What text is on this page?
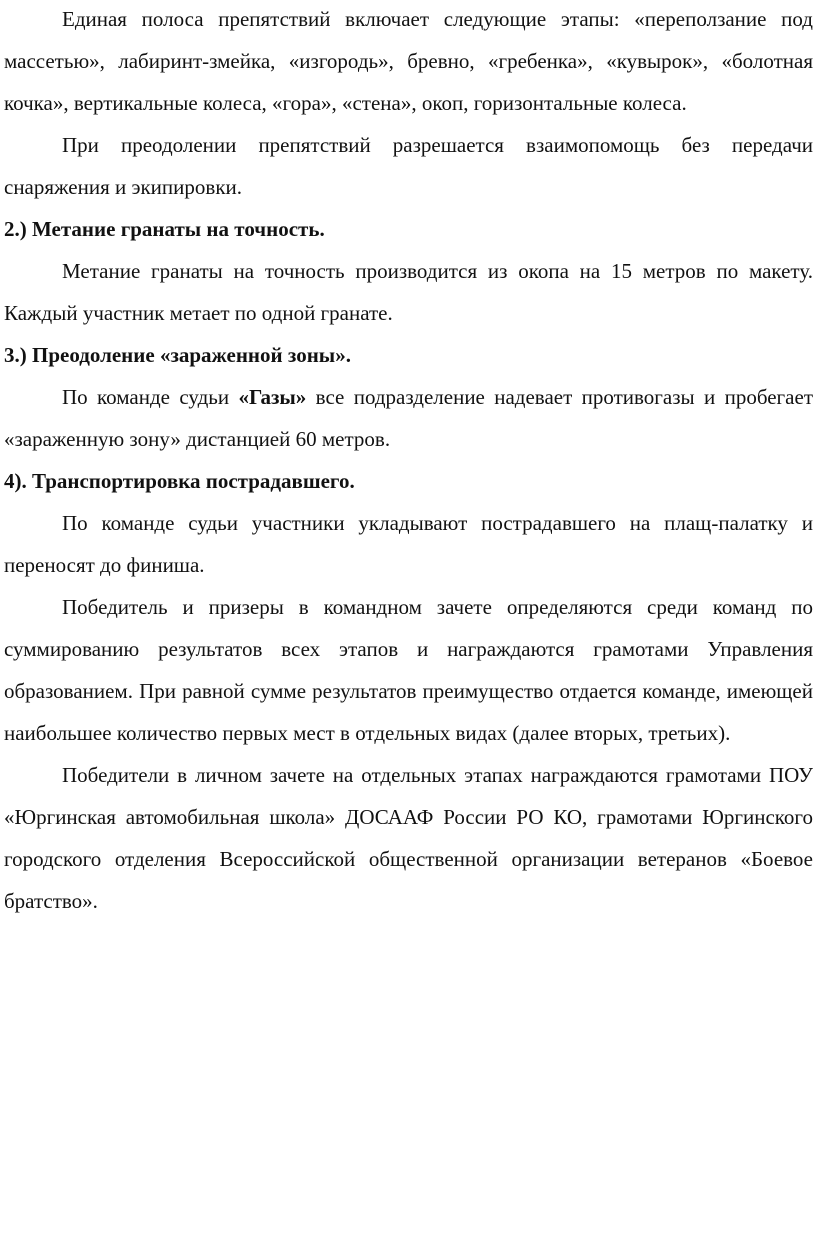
Единая полоса препятствий включает следующие этапы: «переползание под массетью», лабиринт-змейка, «изгородь», бревно, «гребенка», «кувырок», «болотная кочка», вертикальные колеса, «гора», «стена», окоп, горизонтальные колеса.

При преодолении препятствий разрешается взаимопомощь без передачи снаряжения и экипировки.

2.) Метание гранаты на точность.

Метание гранаты на точность производится из окопа на 15 метров по макету. Каждый участник метает по одной гранате.

3.) Преодоление «зараженной зоны».

По команде судьи «Газы» все подразделение надевает противогазы и пробегает «зараженную зону» дистанцией 60 метров.

4). Транспортировка пострадавшего.

По команде судьи участники укладывают пострадавшего на плащ-палатку и переносят до финиша.

Победитель и призеры в командном зачете определяются среди команд по суммированию результатов всех этапов и награждаются грамотами Управления образованием. При равной сумме результатов преимущество отдается команде, имеющей наибольшее количество первых мест в отдельных видах (далее вторых, третьих).

Победители в личном зачете на отдельных этапах награждаются грамотами ПОУ «Юргинская автомобильная школа» ДОСААФ России РО КО, грамотами Юргинского городского отделения Всероссийской общественной организации ветеранов «Боевое братство».
